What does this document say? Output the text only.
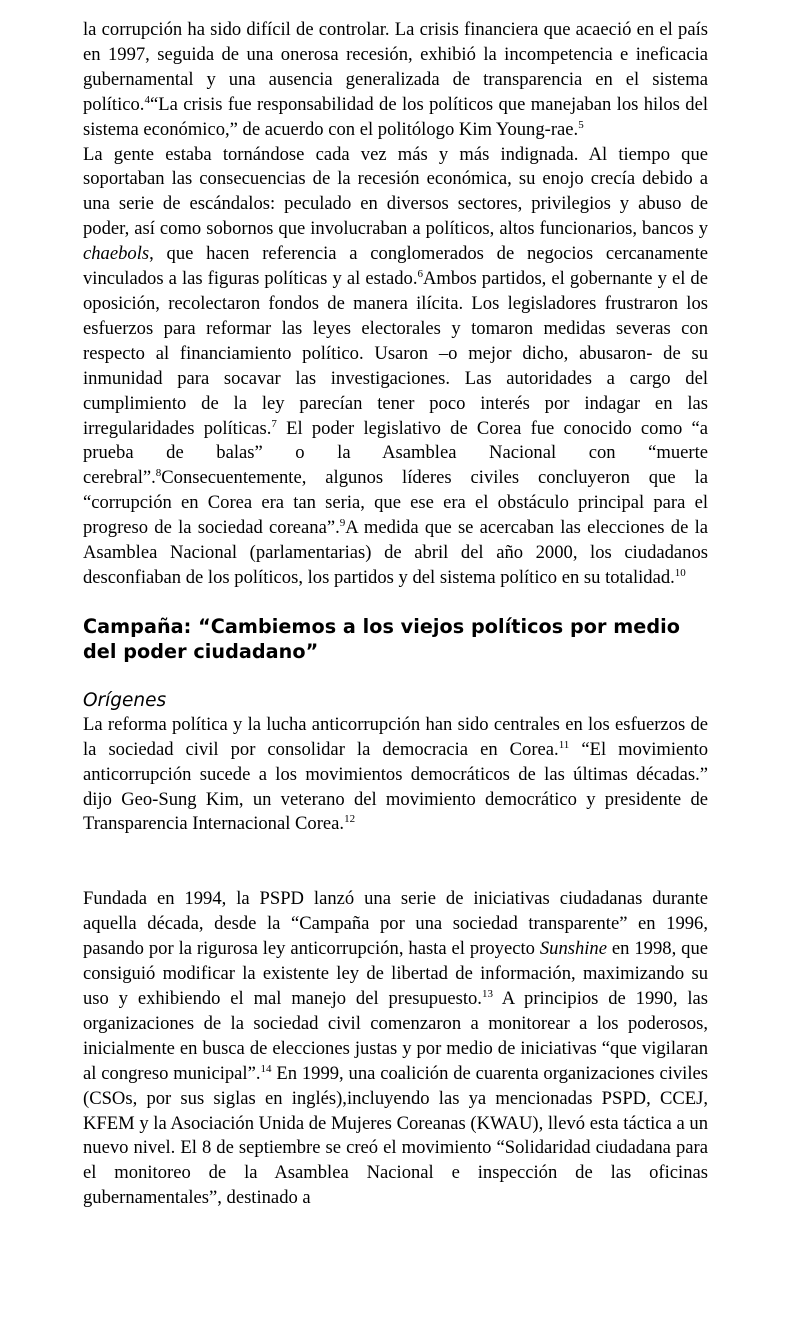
la corrupción ha sido difícil de controlar. La crisis financiera que acaeció en el país en 1997, seguida de una onerosa recesión, exhibió la incompetencia e ineficacia gubernamental y una ausencia generalizada de transparencia en el sistema político.$^4$“La crisis fue responsabilidad de los políticos que manejaban los hilos del sistema económico,” de acuerdo con el politólogo Kim Young-rae.$^5$

La gente estaba tornándose cada vez más y más indignada. Al tiempo que soportaban las consecuencias de la recesión económica, su enojo crecía debido a una serie de escándalos: peculado en diversos sectores, privilegios y abuso de poder, así como sobornos que involucraban a políticos, altos funcionarios, bancos y chaebols, que hacen referencia a conglomerados de negocios cercanamente vinculados a las figuras políticas y al estado.$^6$Ambos partidos, el gobernante y el de oposición, recolectaron fondos de manera ilícita. Los legisladores frustraron los esfuerzos para reformar las leyes electorales y tomaron medidas severas con respecto al financiamiento político. Usaron –o mejor dicho, abusaron- de su inmunidad para socavar las investigaciones. Las autoridades a cargo del cumplimiento de la ley parecían tener poco interés por indagar en las irregularidades políticas.$^7$ El poder legislativo de Corea fue conocido como “a prueba de balas” o la Asamblea Nacional con “muerte cerebral”.$^8$Consecuentemente, algunos líderes civiles concluyeron que la “corrupción en Corea era tan seria, que ese era el obstáculo principal para el progreso de la sociedad coreana”.$^9$A medida que se acercaban las elecciones de la Asamblea Nacional (parlamentarias) de abril del año 2000, los ciudadanos desconfiaban de los políticos, los partidos y del sistema político en su totalidad.$^{10}$

Campaña: “Cambiemos a los viejos políticos por medio del poder ciudadano”
Orígenes

La reforma política y la lucha anticorrupción han sido centrales en los esfuerzos de la sociedad civil por consolidar la democracia en Corea.$^{11}$ “El movimiento anticorrupción sucede a los movimientos democráticos de las últimas décadas.” dijo Geo-Sung Kim, un veterano del movimiento democrático y presidente de Transparencia Internacional Corea.$^{12}$

Fundada en 1994, la PSPD lanzó una serie de iniciativas ciudadanas durante aquella década, desde la “Campaña por una sociedad transparente” en 1996, pasando por la rigurosa ley anticorrupción, hasta el proyecto Sunshine en 1998, que consiguió modificar la existente ley de libertad de información, maximizando su uso y exhibiendo el mal manejo del presupuesto.$^{13}$ A principios de 1990, las organizaciones de la sociedad civil comenzaron a monitorear a los poderosos, inicialmente en busca de elecciones justas y por medio de iniciativas “que vigilaran al congreso municipal”.$^{14}$ En 1999, una coalición de cuarenta organizaciones civiles (CSOs, por sus siglas en inglés),incluyendo las ya mencionadas PSPD, CCEJ, KFEM y la Asociación Unida de Mujeres Coreanas (KWAU), llevó esta táctica a un nuevo nivel. El 8 de septiembre se creó el movimiento “Solidaridad ciudadana para el monitoreo de la Asamblea Nacional e inspección de las oficinas gubernamentales”, destinado a
